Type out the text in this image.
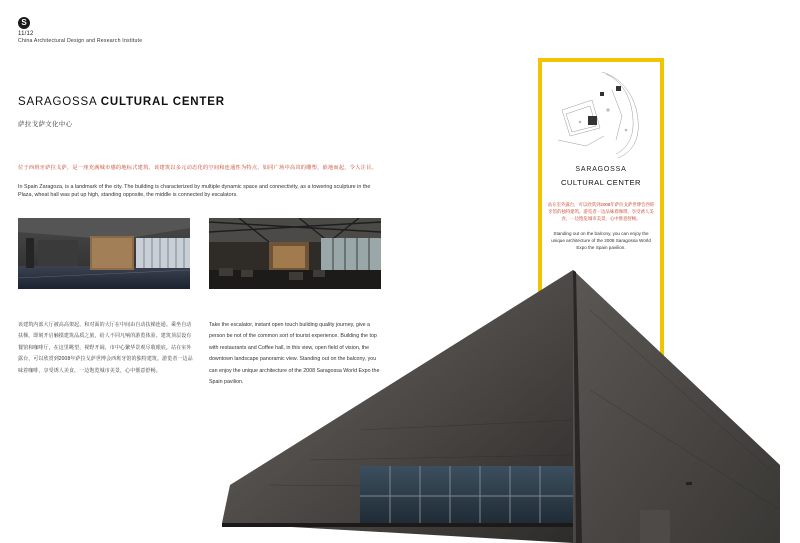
S
11/12
China Architectural Design and Research Institute
SARAGOSSA CULTURAL CENTER
萨拉戈萨文化中心
位于西班牙萨拉戈萨，是一座充满城市感的地标式建筑。该建筑以多元动态化的空间和连通性为特点，如同广场中高耸的雕塑，嵌地而起，令人注目。
In Spain Zaragoza, is a landmark of the city. The building is characterized by multiple dynamic space and connectivity, as a towering sculpture in the Plaza, wheat hall was put up high, standing opposite, the middle is connected by escalators.
该建筑内部大厅被高高架起，和对面的大厅在中间由自动扶梯连通。乘坐自动扶梯，即刻开启触摸建筑品质之旅，给人不同凡响的游览体验。建筑顶层设有餐馆和咖啡厅，在这里眺望，视野开阔，市中心繁华景观尽收眼底。站在室外露台，可以欣赏到2008年萨拉戈萨世博会西班牙馆的独特建筑。游览者一边品味着咖啡，享受诱人美食，一边饱览城市美景，心中惬意舒畅。
Take the escalator, instant open touch building quality journey, give a person be not of the common sort of tourist experience. Building the top with restaurants and Coffee hall, in this view, open field of vision, the downtown landscape panoramic view. Standing out on the balcony, you can enjoy the unique architecture of the 2008 Saragossa World Expo the Spain pavilion.
SARAGOSSA
CULTURAL CENTER
站在室外露台，可以欣赏到2008年萨拉戈萨世博会西班牙馆的独特建筑。游览者一边品味着咖啡，享受诱人美食，一边饱览城市美景，心中惬意舒畅。
Standing out on the balcony, you can enjoy the unique architecture of the 2008 Saragossa World Expo the Spain pavilion.
